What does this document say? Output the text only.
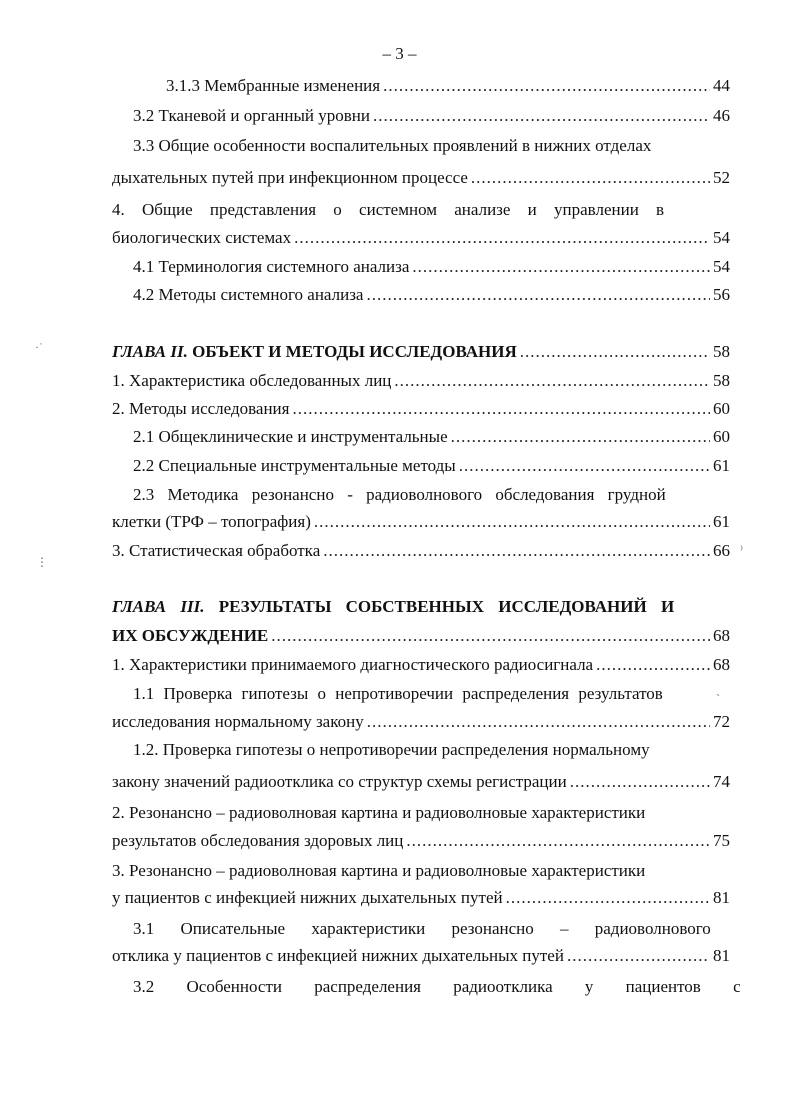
– 3 –
3.1.3 Мембранные изменения .....	44
3.2 Тканевой и органный уровни .....	46
3.3 Общие особенности воспалительных проявлений в нижних отделах
дыхательных путей при инфекционном процессе .....	52
4. Общие представления о системном анализе и управлении в
биологических системах .....	54
4.1 Терминология системного анализа .....	54
4.2 Методы системного анализа .....	56
ГЛАВА II. ОБЪЕКТ И МЕТОДЫ ИССЛЕДОВАНИЯ .....	58
1. Характеристика обследованных лиц .....	58
2. Методы исследования .....	60
2.1 Общеклинические и инструментальные .....	60
2.2 Специальные инструментальные методы .....	61
2.3 Методика резонансно - радиоволнового обследования грудной
клетки (ТРФ – топография) .....	61
3. Статистическая обработка .....	66
ГЛАВА III. РЕЗУЛЬТАТЫ СОБСТВЕННЫХ ИССЛЕДОВАНИЙ И
ИХ ОБСУЖДЕНИЕ .....	68
1. Характеристики принимаемого диагностического радиосигнала .....	68
1.1 Проверка гипотезы о непротиворечии распределения результатов
исследования нормальному закону .....	72
1.2. Проверка гипотезы о непротиворечии распределения нормальному
закону значений радиоотклика со структур схемы регистрации .....	74
2. Резонансно – радиоволновая картина и радиоволновые характеристики
результатов обследования здоровых лиц .....	75
3. Резонансно – радиоволновая картина и радиоволновые характеристики
у пациентов с инфекцией нижних дыхательных путей .....	81
3.1 Описательные характеристики резонансно – радиоволнового
отклика у пациентов с инфекцией нижних дыхательных путей .....	81
3.2 Особенности распределения радиоотклика у пациентов с
·˙
⋮
⁾
˴
